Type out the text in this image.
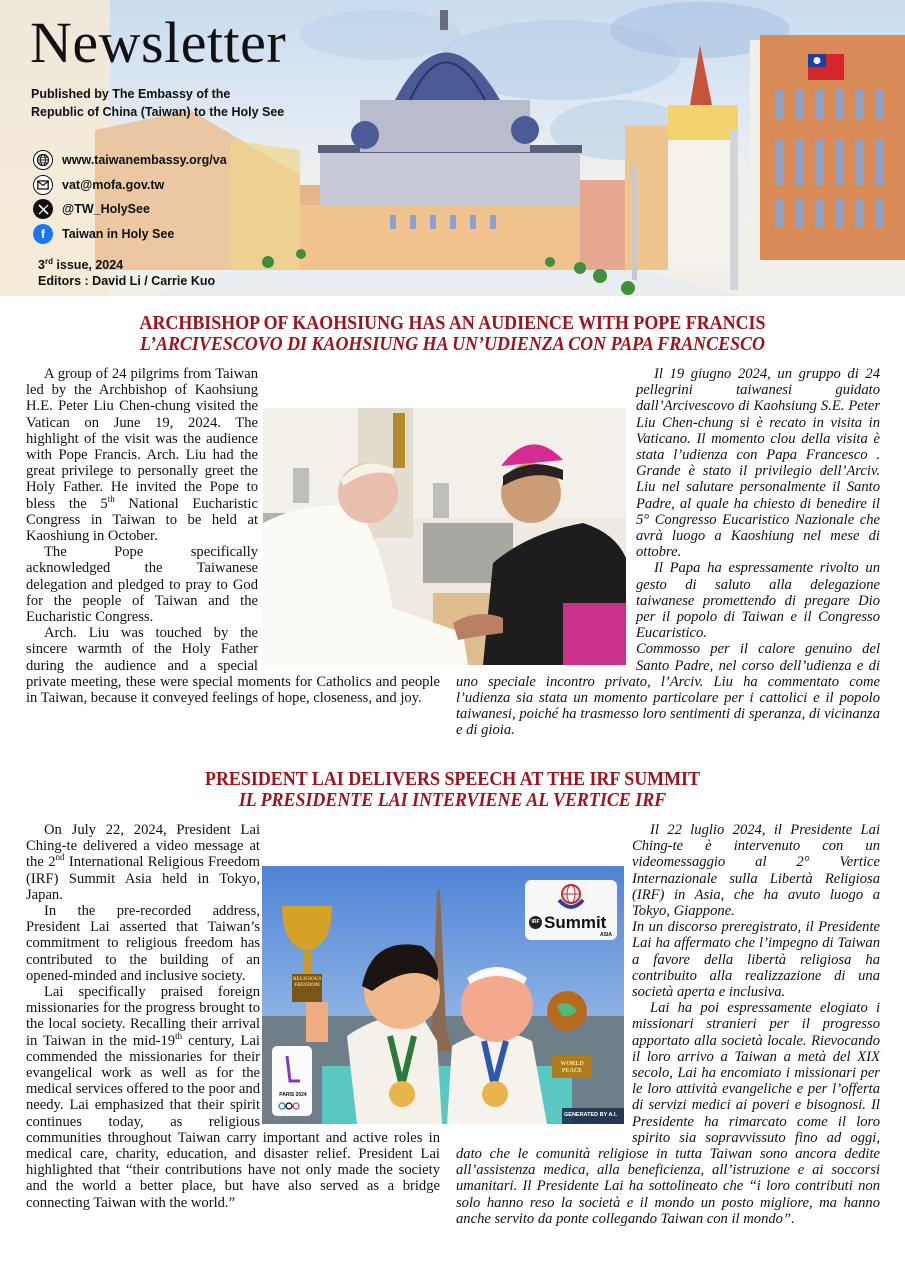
Newsletter
Published by The Embassy of the
Republic of China (Taiwan) to the Holy See
www.taiwanembassy.org/va
vat@mofa.gov.tw
@TW_HolySee
f	Taiwan in Holy See
3rd issue, 2024
Editors : David Li / Carrie Kuo
ARCHBISHOP OF KAOHSIUNG HAS AN AUDIENCE WITH POPE FRANCIS
L’ARCIVESCOVO DI KAOHSIUNG HA UN’UDIENZA CON PAPA FRANCESCO

A group of 24 pilgrims from Taiwan led by the Archbishop of Kaohsiung H.E. Peter Liu Chen-chung visited the Vatican on June 19, 2024. The highlight of the visit was the audience with Pope Francis. Arch. Liu had the great privilege to personally greet the Holy Father. He invited the Pope to bless the 5th National Eucharistic Congress in Taiwan to be held at Kaoshiung in October.

The Pope specifically acknowledged the Taiwanese delegation and pledged to pray to God for the people of Taiwan and the Eucharistic Congress.

Arch. Liu was touched by the sincere warmth of the Holy Father during the audience and a special private meeting, these were special moments for Catholics and people in Taiwan, because it conveyed feelings of hope, closeness, and joy.

Il 19 giugno 2024, un gruppo di 24 pellegrini taiwanesi guidato dall’Arcivescovo di Kaohsiung S.E. Peter Liu Chen-chung si è recato in visita in Vaticano. Il momento clou della visita è stata l’udienza con Papa Francesco . Grande è stato il privilegio dell’Arciv. Liu nel salutare personalmente il Santo Padre, al quale ha chiesto di benedire il 5° Congresso Eucaristico Nazionale che avrà luogo a Kaoshiung nel mese di ottobre.

Il Papa ha espressamente rivolto un gesto di saluto alla delegazione taiwanese promettendo di pregare Dio per il popolo di Taiwan e il Congresso Eucaristico.

Commosso per il calore genuino del Santo Padre, nel corso dell’udienza e di uno speciale incontro privato, l’Arciv. Liu ha commentato come l’udienza sia stata un momento particolare per i cattolici e il popolo taiwanesi, poiché ha trasmesso loro sentimenti di speranza, di vicinanza e di gioia.

PRESIDENT LAI DELIVERS SPEECH AT THE IRF SUMMIT
IL PRESIDENTE LAI INTERVIENE AL VERTICE IRF
IRF Summit
ASIA
RELIGIOUS FREEDOM
WORLD PEACE
PARIS 2024
GENERATED BY A.I.

On July 22, 2024, President Lai Ching-te delivered a video message at the 2nd International Religious Freedom (IRF) Summit Asia held in Tokyo, Japan.

In the pre-recorded address, President Lai asserted that Taiwan’s commitment to religious freedom has contributed to the building of an opened-minded and inclusive society.

Lai specifically praised foreign missionaries for the progress brought to the local society. Recalling their arrival in Taiwan in the mid-19th century, Lai commended the missionaries for their evangelical work as well as for the medical services offered to the poor and needy. Lai emphasized that their spirit continues today, as religious communities throughout Taiwan carry important and active roles in medical care, charity, education, and disaster relief. President Lai highlighted that “their contributions have not only made the society and the world a better place, but have also served as a bridge connecting Taiwan with the world.”

Il 22 luglio 2024, il Presidente Lai Ching-te è intervenuto con un videomessaggio al 2° Vertice Internazionale sulla Libertà Religiosa (IRF) in Asia, che ha avuto luogo a Tokyo, Giappone.

In un discorso preregistrato, il Presidente Lai ha affermato che l’impegno di Taiwan a favore della libertà religiosa ha contribuito alla realizzazione di una società aperta e inclusiva.

Lai ha poi espressamente elogiato i missionari stranieri per il progresso apportato alla società locale. Rievocando il loro arrivo a Taiwan a metà del XIX secolo, Lai ha encomiato i missionari per le loro attività evangeliche e per l’offerta di servizi medici ai poveri e bisognosi. Il Presidente ha rimarcato come il loro spirito sia sopravvissuto fino ad oggi, dato che le comunità religiose in tutta Taiwan sono ancora dedite all’assistenza medica, alla beneficienza, all’istruzione e ai soccorsi umanitari. Il Presidente Lai ha sottolineato che “i loro contributi non solo hanno reso la società e il mondo un posto migliore, ma hanno anche servito da ponte collegando Taiwan con il mondo”.
